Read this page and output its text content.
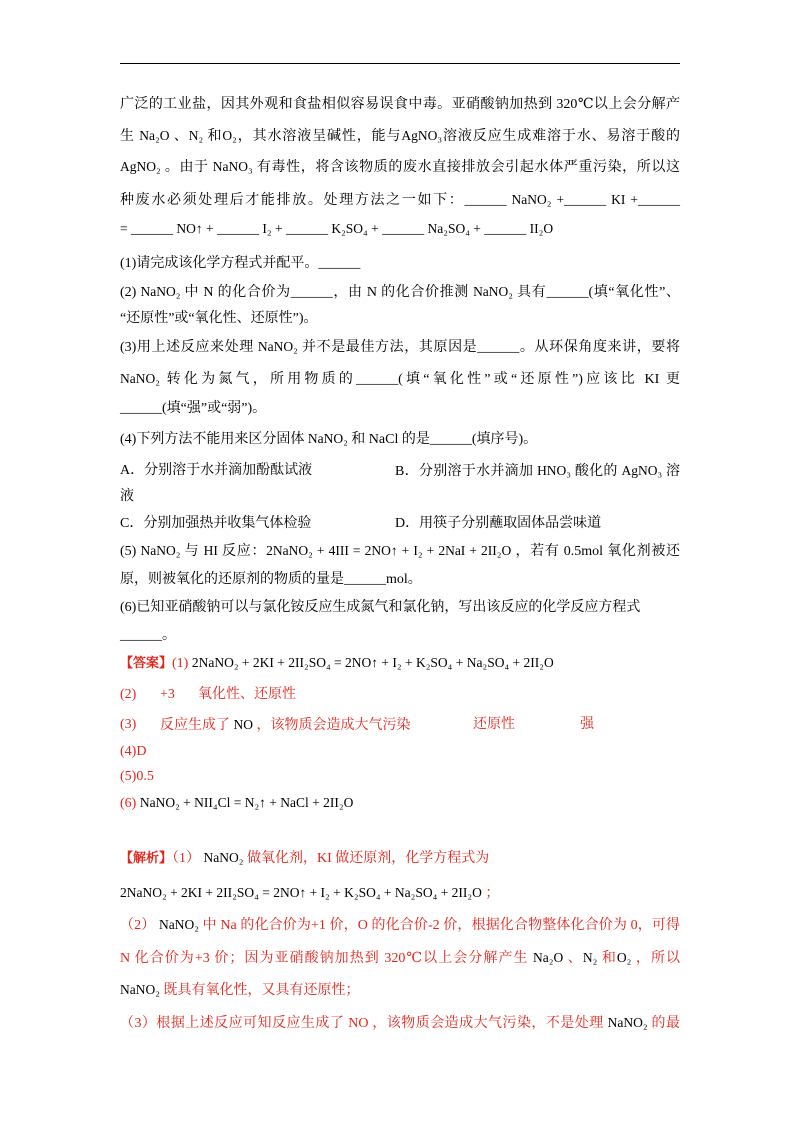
广泛的工业盐，因其外观和食盐相似容易误食中毒。亚硝酸钠加热到 320℃以上会分解产
生 Na₂O 、N₂ 和O₂，其水溶液呈碱性，能与AgNO₃溶液反应生成难溶于水、易溶于酸的
AgNO₂ 。由于 NaNO₃ 有毒性，将含该物质的废水直接排放会引起水体严重污染，所以这
种废水必须处理后才能排放。处理方法之一如下：______ NaNO₂ +______ KI +______
= ______ NO↑ + ______ I₂ + ______ K₂SO₄ + ______ Na₂SO₄ + ______ II₂O
(1)请完成该化学方程式并配平。______
(2) NaNO₂ 中 N 的化合价为______，由 N 的化合价推测 NaNO₂ 具有______(填“氧化性”、
“还原性”或“氧化性、还原性”)。
(3)用上述反应来处理 NaNO₂ 并不是最佳方法，其原因是______。从环保角度来讲，要将
NaNO₂ 转化为氮气，所用物质的______(填“氧化性”或“还原性”)应该比 KI 更
______(填“强”或“弱”)。
(4)下列方法不能用来区分固体 NaNO₂ 和 NaCl 的是______(填序号)。
A．分别溶于水并滴加酚酞试液	B．分别溶于水并滴加 HNO₃ 酸化的 AgNO₃ 溶
液
C．分别加强热并收集气体检验	D．用筷子分别蘸取固体品尝味道
(5) NaNO₂ 与 HI 反应：2NaNO₂ + 4III = 2NO↑ + I₂ + 2NaI + 2II₂O ，若有 0.5mol 氧化剂被还
原，则被氧化的还原剂的物质的量是______mol。
(6)已知亚硝酸钠可以与氯化铵反应生成氮气和氯化钠，写出该反应的化学反应方程式
______。
【答案】(1) 2NaNO₂ + 2KI + 2II₂SO₄ = 2NO↑ + I₂ + K₂SO₄ + Na₂SO₄ + 2II₂O
(2) +3 氧化性、还原性
(3) 反应生成了 NO ，该物质会造成大气污染	还原性	强
(4)D
(5)0.5
(6) NaNO₂ + NII₄Cl = N₂↑ + NaCl + 2II₂O
【解析】（1） NaNO₂ 做氧化剂，KI 做还原剂，化学方程式为
2NaNO₂ + 2KI + 2II₂SO₄ = 2NO↑ + I₂ + K₂SO₄ + Na₂SO₄ + 2II₂O ；
（2） NaNO₂ 中 Na 的化合价为+1 价，O 的化合价-2 价，根据化合物整体化合价为 0，可得
N 化合价为+3 价；因为亚硝酸钠加热到 320℃以上会分解产生 Na₂O 、N₂ 和O₂ ，所以
NaNO₂ 既具有氧化性，又具有还原性；
（3）根据上述反应可知反应生成了 NO ，该物质会造成大气污染，不是处理 NaNO₂ 的最
